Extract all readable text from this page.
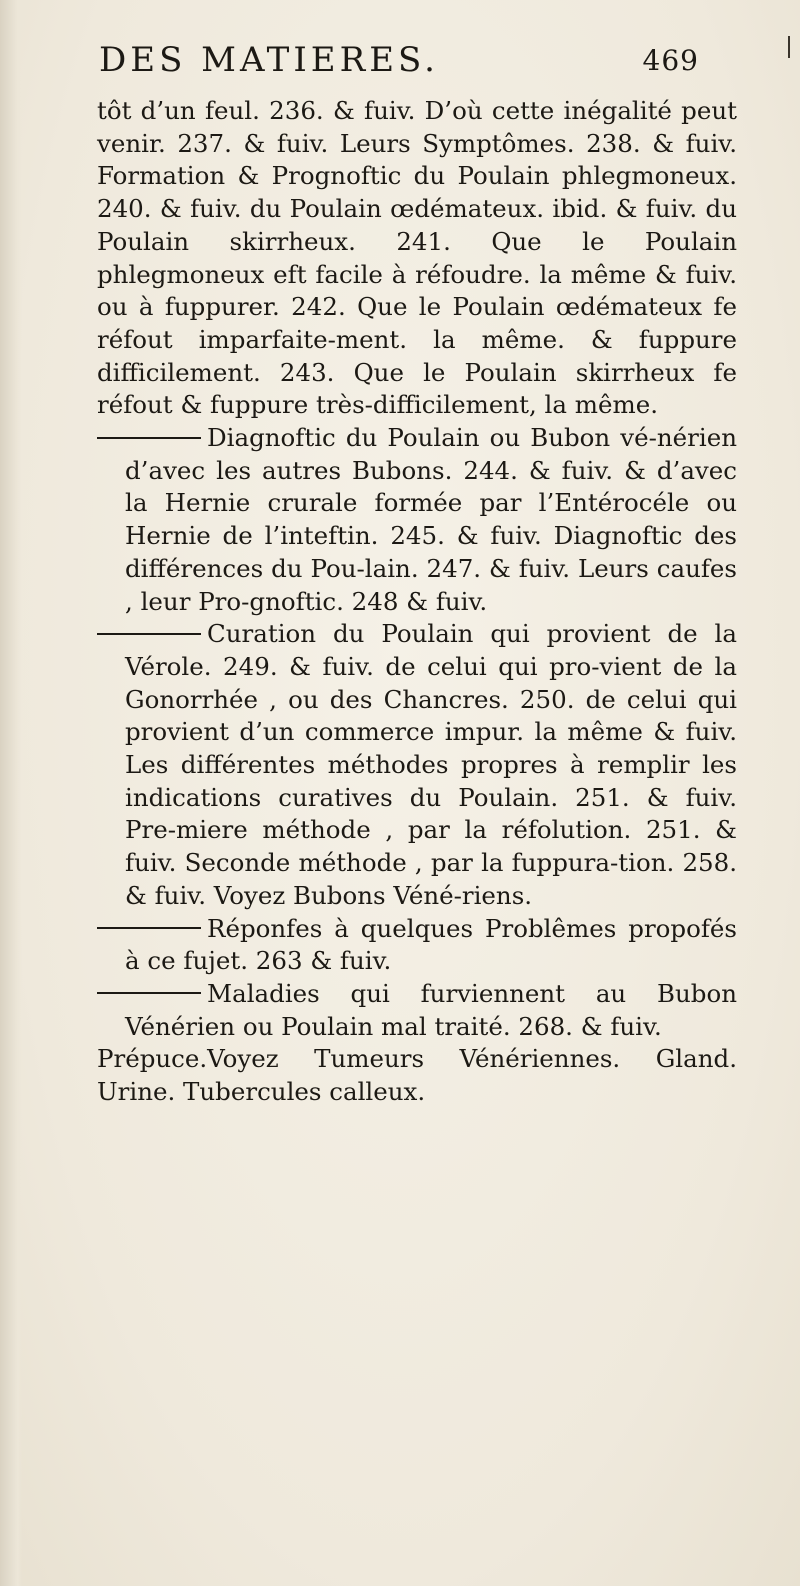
DES MATIERES.	469

tôt d’un feul. 236. & fuiv. D’où cette inégalité peut venir. 237. & fuiv. Leurs Symptômes. 238. & fuiv. Formation & Prognoftic du Poulain phlegmoneux. 240. & fuiv. du Poulain œdémateux. ibid. & fuiv. du Poulain skirrheux. 241. Que le Poulain phlegmoneux eft facile à réfoudre. la même & fuiv. ou à fuppurer. 242. Que le Poulain œdémateux fe réfout imparfaite-ment. la même. & fuppure difficilement. 243. Que le Poulain skirrheux fe réfout & fuppure très-difficilement, la même.

Diagnoftic du Poulain ou Bubon vé-nérien d’avec les autres Bubons. 244. & fuiv. & d’avec la Hernie crurale formée par l’Entérocéle ou Hernie de l’inteftin. 245. & fuiv. Diagnoftic des différences du Pou-lain. 247. & fuiv. Leurs caufes , leur Pro-gnoftic. 248 & fuiv.

Curation du Poulain qui provient de la Vérole. 249. & fuiv. de celui qui pro-vient de la Gonorrhée , ou des Chancres. 250. de celui qui provient d’un commerce impur. la même & fuiv. Les différentes méthodes propres à remplir les indications curatives du Poulain. 251. & fuiv. Pre-miere méthode , par la réfolution. 251. & fuiv. Seconde méthode , par la fuppura-tion. 258. & fuiv. Voyez Bubons Véné-riens.

Réponfes à quelques Problêmes propofés à ce fujet. 263 & fuiv.

Maladies qui furviennent au Bubon Vénérien ou Poulain mal traité. 268. & fuiv.

Prépuce.Voyez Tumeurs Vénériennes. Gland. Urine. Tubercules calleux.
